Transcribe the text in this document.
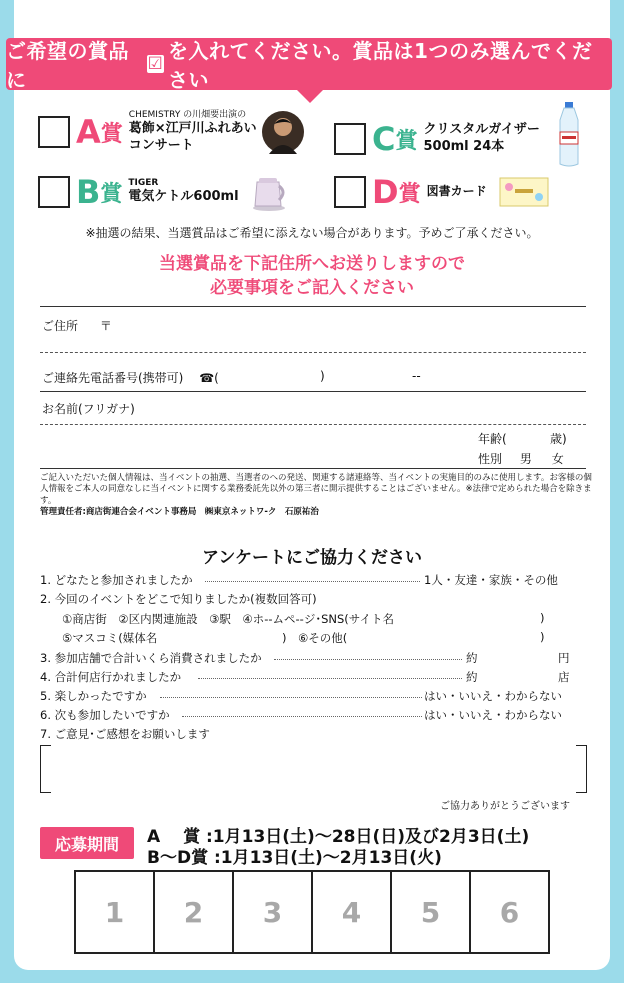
ご希望の賞品に
☑
を入れてください。賞品は1つのみ選んでください
A 賞
CHEMISTRY の川畑要出演の
葛飾×江戸川ふれあい
コンサート	C 賞 クリスタルガイザー
500ml 24本
B 賞 TIGER
電気ケトル600ml	D 賞 図書カード
※抽選の結果、当選賞品はご希望に添えない場合があります。予めご了承ください。
当選賞品を下記住所へお送りしますので
必要事項をご記入ください
ご住所 〒
ご連絡先電話番号(携帯可) ☎(	)	--
お名前(フリガナ)
年齢(	歳)
性別 男 女
ご記入いただいた個人情報は、当イベントの抽選、当選者のへの発送、関連する諸連絡等、当イベントの実施目的のみに使用します。お客様の個人情報をご本人の同意なしに当イベントに関する業務委託先以外の第三者に開示提供することはございません。※法律で定められた場合を除きます。
管理責任者:商店街連合会イベント事務局　㈱東京ネットワ-ク　石原祐治
アンケートにご協力ください
1. どなたと参加されましたか	1人・友達・家族・その他
2. 今回のイベントをどこで知りましたか(複数回答可)
①商店街　②区内関連施設　③駅　④ホ--ムペ--ジ･SNS(サイト名	)
⑤マスコミ(媒体名	)　⑥その他(	)
3. 参加店舗で合計いくら消費されましたか	約	円
4. 合計何店行かれましたか	約	店
5. 楽しかったですか	はい・いいえ・わからない
6. 次も参加したいですか	はい・いいえ・わからない
7. ご意見･ご感想をお願いします
ご協力ありがとうございます
応募期間	A　 賞 :1月13日(土)～28日(日)及び2月3日(土)
B～D賞 :1月13日(土)～2月13日(火)
1	2	3	4	5	6
